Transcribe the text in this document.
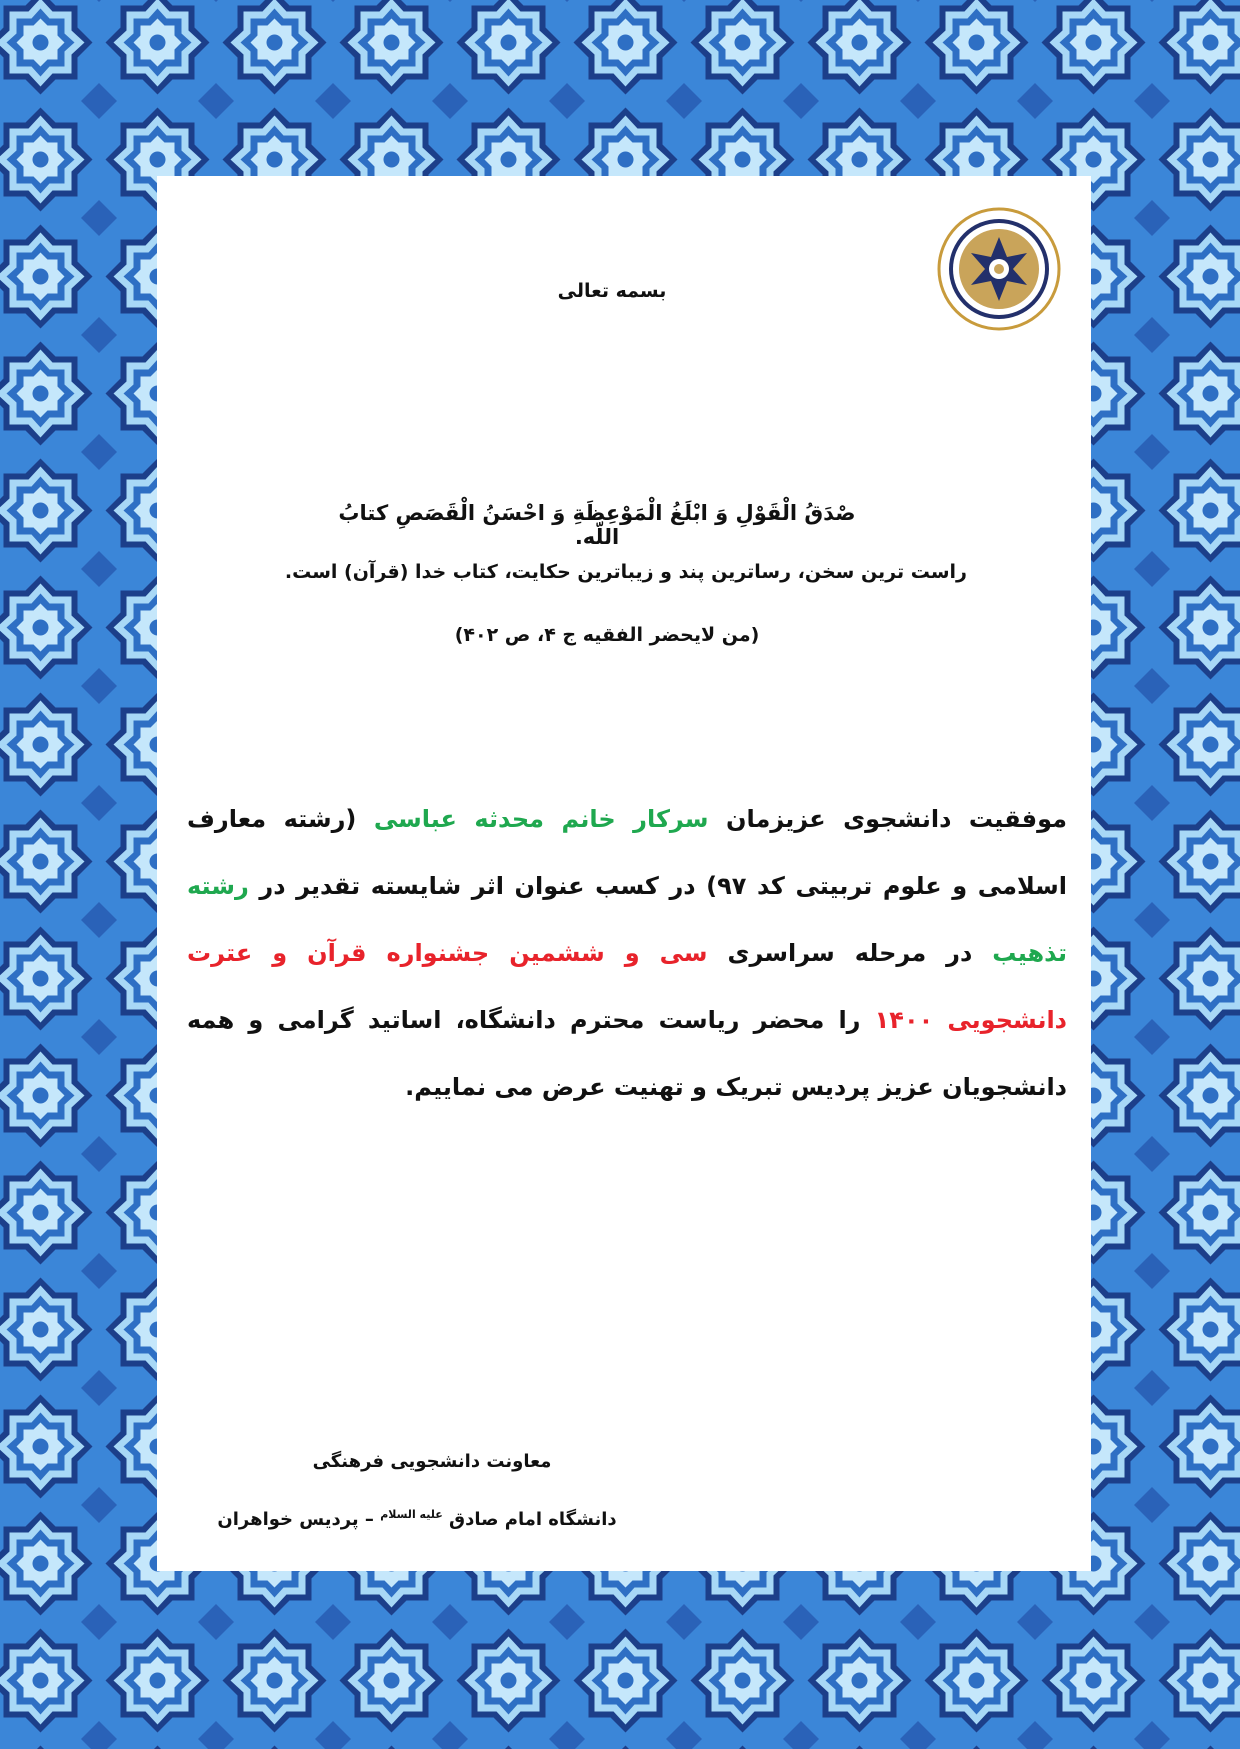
بسمه تعالی
صْدَقُ الْقَوْلِ وَ ابْلَغُ الْمَوْعِظَةِ وَ احْسَنُ الْقَصَصِ کتابُ اللّه.
راست ترین سخن، رساترین پند و زیباترین حکایت، کتاب خدا (قرآن) است.
(من لایحضر الفقیه ج ۴، ص ۴۰۲)
موفقیت دانشجوی عزیزمان سرکار خانم محدثه عباسی (رشته معارف اسلامی و علوم تربیتی کد ۹۷) در کسب عنوان اثر شایسته تقدیر در رشته تذهیب در مرحله سراسری سی و ششمین جشنواره قرآن و عترت دانشجویی ۱۴۰۰ را محضر ریاست محترم دانشگاه، اساتید گرامی و همه دانشجویان عزیز پردیس تبریک و تهنیت عرض می نماییم.
معاونت دانشجویی فرهنگی
دانشگاه امام صادق $^{علیه السلام}$ – پردیس خواهران
